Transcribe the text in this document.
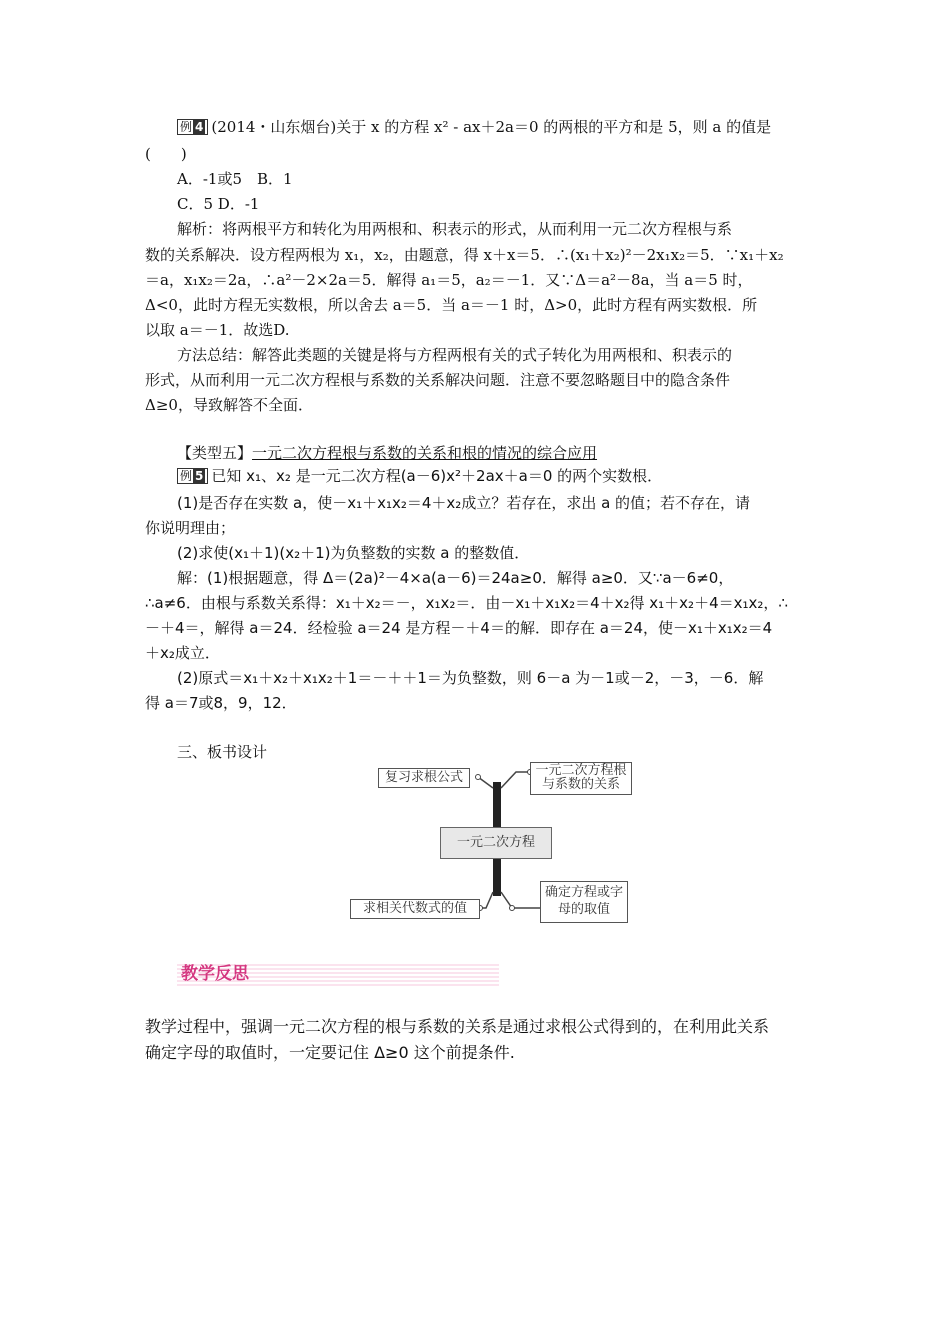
例 4 (2014・山东烟台)关于 x 的方程 x² - ax＋2a＝0 的两根的平方和是 5，则 a 的值是
(　　)
A．-1或5　B．1
C．5 D．-1
解析：将两根平方和转化为用两根和、积表示的形式，从而利用一元二次方程根与系
数的关系解决．设方程两根为 x₁，x₂，由题意，得 x＋x＝5．∴(x₁＋x₂)²－2x₁x₂＝5．∵x₁＋x₂
＝a，x₁x₂＝2a，∴a²－2×2a＝5．解得 a₁＝5，a₂＝－1．又∵Δ＝a²－8a，当 a＝5 时，
Δ<0，此时方程无实数根，所以舍去 a＝5．当 a＝－1 时，Δ>0，此时方程有两实数根．所
以取 a＝－1．故选D.
方法总结：解答此类题的关键是将与方程两根有关的式子转化为用两根和、积表示的
形式，从而利用一元二次方程根与系数的关系解决问题．注意不要忽略题目中的隐含条件
Δ≥0，导致解答不全面．
【类型五】一元二次方程根与系数的关系和根的情况的综合应用
例 5 已知 x₁、x₂ 是一元二次方程(a－6)x²＋2ax＋a＝0 的两个实数根．
(1)是否存在实数 a，使－x₁＋x₁x₂＝4＋x₂成立？若存在，求出 a 的值；若不存在，请
你说明理由；
(2)求使(x₁＋1)(x₂＋1)为负整数的实数 a 的整数值．
解：(1)根据题意，得 Δ＝(2a)²－4×a(a－6)＝24a≥0．解得 a≥0．又∵a－6≠0，
∴a≠6．由根与系数关系得：x₁＋x₂＝－，x₁x₂＝．由－x₁＋x₁x₂＝4＋x₂得 x₁＋x₂＋4＝x₁x₂，∴
－＋4＝，解得 a＝24．经检验 a＝24 是方程－＋4＝的解．即存在 a＝24，使－x₁＋x₁x₂＝4
＋x₂成立．
(2)原式＝x₁＋x₂＋x₁x₂＋1＝－＋＋1＝为负整数，则 6－a 为－1或－2，－3，－6．解
得 a＝7或8，9，12．
三、板书设计
复习求根公式	一元二次方程根与系数的关系
一元二次方程
求相关代数式的值
确定方程或字母的取值
教学反思
教学过程中，强调一元二次方程的根与系数的关系是通过求根公式得到的，在利用此关系
确定字母的取值时，一定要记住 Δ≥0 这个前提条件.
